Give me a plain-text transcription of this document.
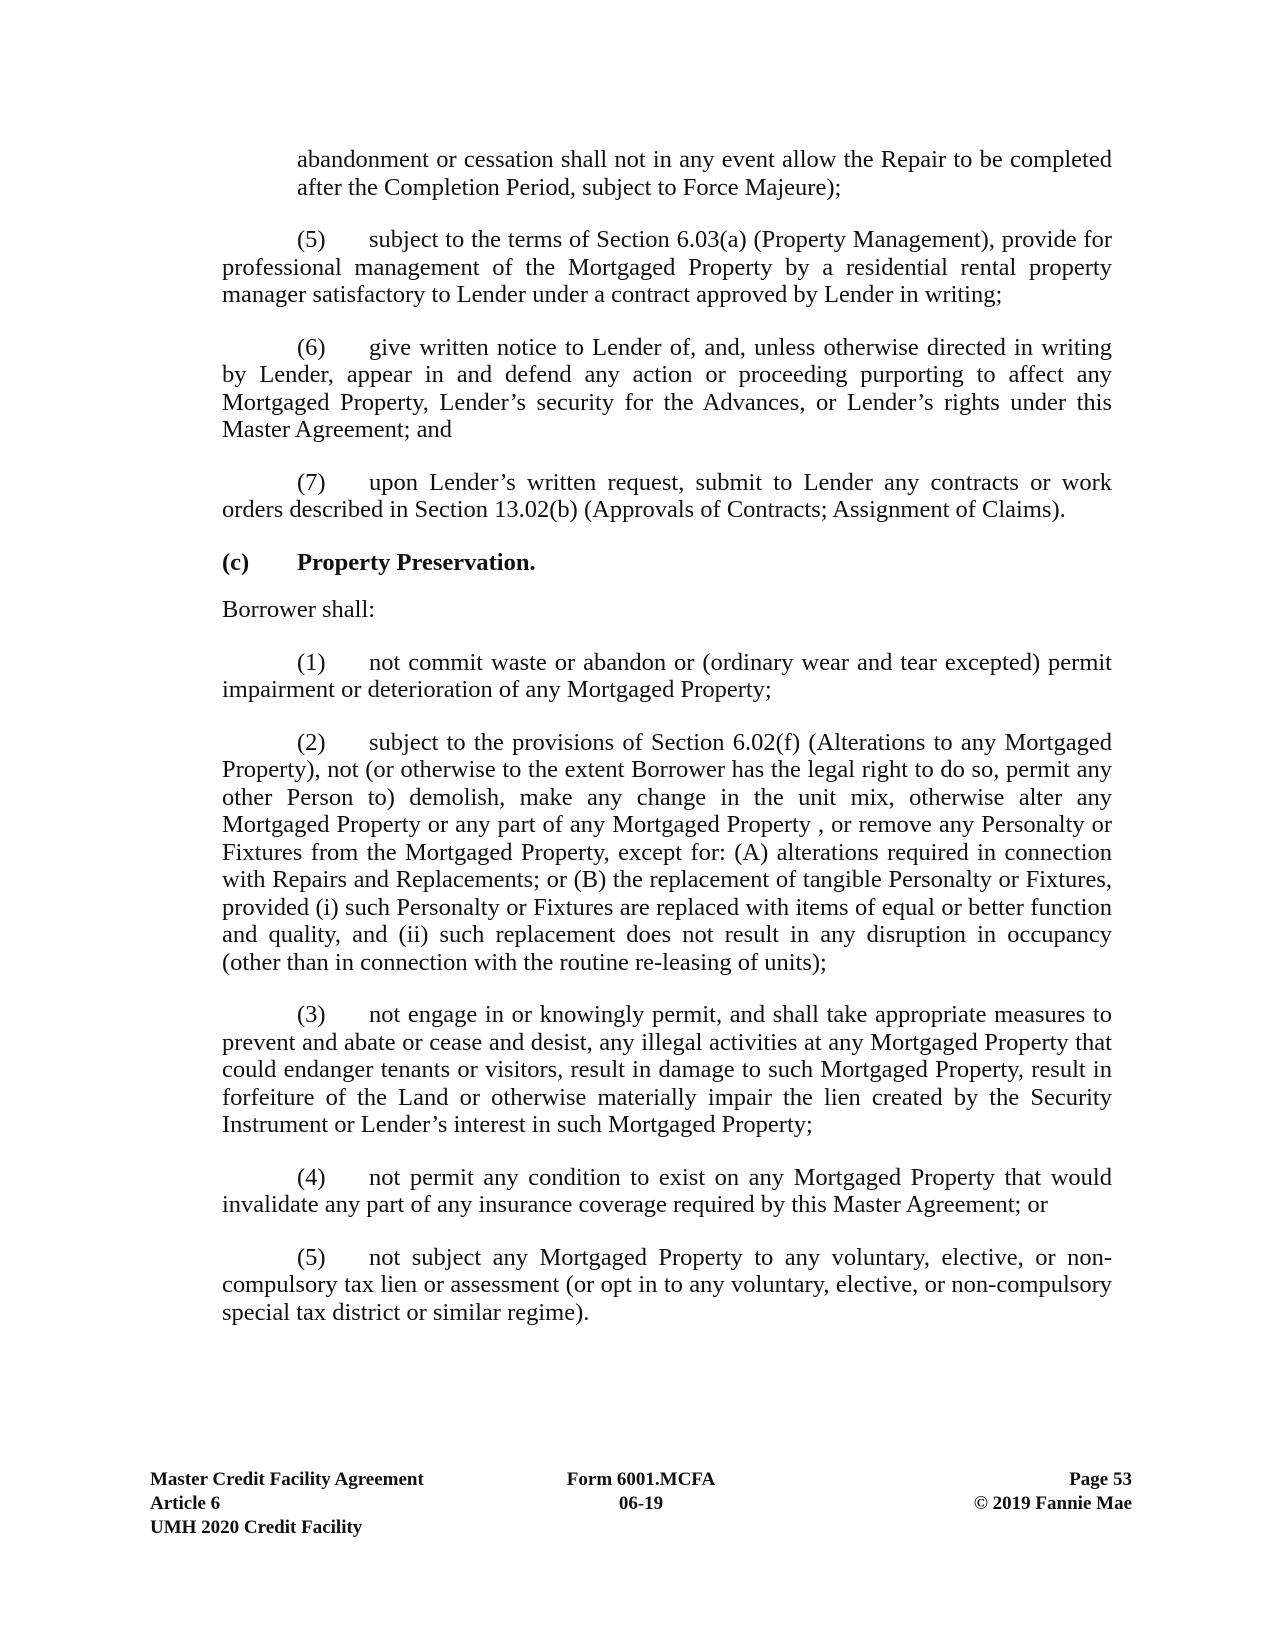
abandonment or cessation shall not in any event allow the Repair to be completed after the Completion Period, subject to Force Majeure);

(5) subject to the terms of Section 6.03(a) (Property Management), provide for professional management of the Mortgaged Property by a residential rental property manager satisfactory to Lender under a contract approved by Lender in writing;

(6) give written notice to Lender of, and, unless otherwise directed in writing by Lender, appear in and defend any action or proceeding purporting to affect any Mortgaged Property, Lender’s security for the Advances, or Lender’s rights under this Master Agreement; and

(7) upon Lender’s written request, submit to Lender any contracts or work orders described in Section 13.02(b) (Approvals of Contracts; Assignment of Claims).

(c) Property Preservation.

Borrower shall:

(1) not commit waste or abandon or (ordinary wear and tear excepted) permit impairment or deterioration of any Mortgaged Property;

(2) subject to the provisions of Section 6.02(f) (Alterations to any Mortgaged Property), not (or otherwise to the extent Borrower has the legal right to do so, permit any other Person to) demolish, make any change in the unit mix, otherwise alter any Mortgaged Property or any part of any Mortgaged Property , or remove any Personalty or Fixtures from the Mortgaged Property, except for: (A) alterations required in connection with Repairs and Replacements; or (B) the replacement of tangible Personalty or Fixtures, provided (i) such Personalty or Fixtures are replaced with items of equal or better function and quality, and (ii) such replacement does not result in any disruption in occupancy (other than in connection with the routine re-leasing of units);

(3) not engage in or knowingly permit, and shall take appropriate measures to prevent and abate or cease and desist, any illegal activities at any Mortgaged Property that could endanger tenants or visitors, result in damage to such Mortgaged Property, result in forfeiture of the Land or otherwise materially impair the lien created by the Security Instrument or Lender’s interest in such Mortgaged Property;

(4) not permit any condition to exist on any Mortgaged Property that would invalidate any part of any insurance coverage required by this Master Agreement; or

(5) not subject any Mortgaged Property to any voluntary, elective, or non-compulsory tax lien or assessment (or opt in to any voluntary, elective, or non-compulsory special tax district or similar regime).

Master Credit Facility Agreement
Article 6
UMH 2020 Credit Facility
Form 6001.MCFA
06-19
Page 53
© 2019 Fannie Mae
